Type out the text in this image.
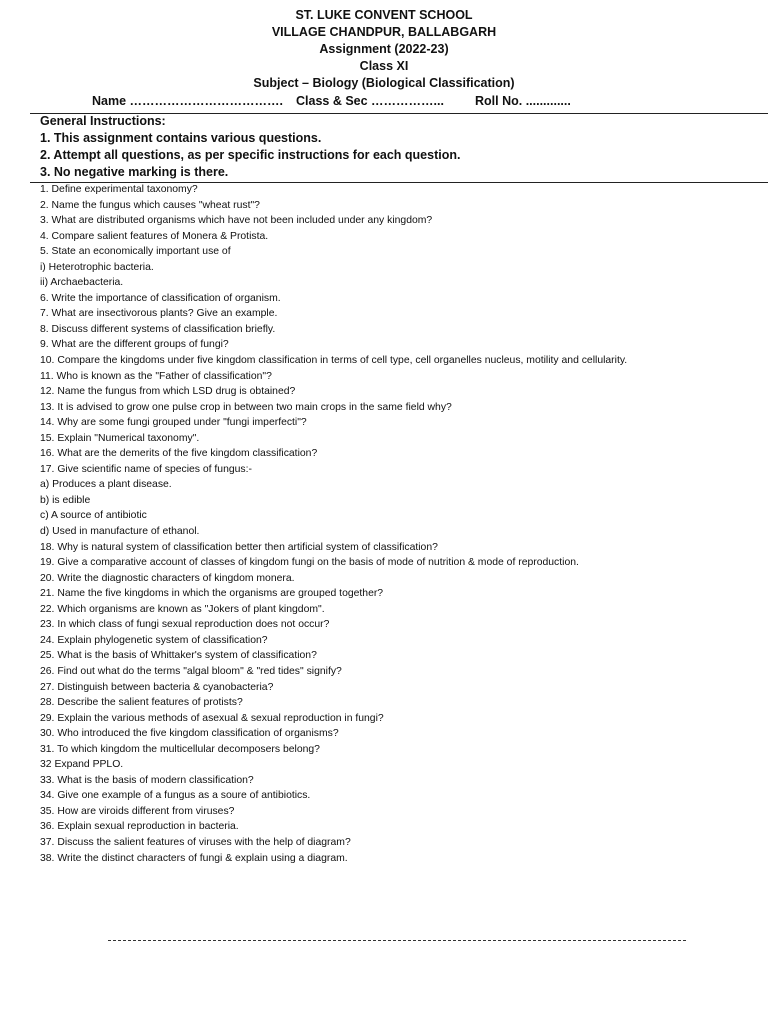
ST. LUKE CONVENT SCHOOL
VILLAGE CHANDPUR, BALLABGARH
Assignment (2022-23)
Class XI
Subject – Biology (Biological Classification)
Name ………………………………. Class & Sec ……………... Roll No. .............
General Instructions:
1. This assignment contains various questions.
2. Attempt all questions, as per specific instructions for each question.
3. No negative marking is there.
1. Define experimental taxonomy?
2. Name the fungus which causes "wheat rust"?
3. What are distributed organisms which have not been included under any kingdom?
4. Compare salient features of Monera & Protista.
5. State an economically important use of
i) Heterotrophic bacteria.
ii) Archaebacteria.
6. Write the importance of classification of organism.
7. What are insectivorous plants? Give an example.
8. Discuss different systems of classification briefly.
9. What are the different groups of fungi?
10. Compare the kingdoms under five kingdom classification in terms of cell type, cell organelles nucleus, motility and cellularity.
11. Who is known as the "Father of classification"?
12. Name the fungus from which LSD drug is obtained?
13. It is advised to grow one pulse crop in between two main crops in the same field why?
14. Why are some fungi grouped under "fungi imperfecti"?
15. Explain "Numerical taxonomy".
16. What are the demerits of the five kingdom classification?
17. Give scientific name of species of fungus:-
a) Produces a plant disease.
b) is edible
c) A source of antibiotic
d) Used in manufacture of ethanol.
18. Why is natural system of classification better then artificial system of classification?
19. Give a comparative account of classes of kingdom fungi on the basis of mode of nutrition & mode of reproduction.
20. Write the diagnostic characters of kingdom monera.
21. Name the five kingdoms in which the organisms are grouped together?
22. Which organisms are known as "Jokers of plant kingdom".
23. In which class of fungi sexual reproduction does not occur?
24. Explain phylogenetic system of classification?
25. What is the basis of Whittaker's system of classification?
26. Find out what do the terms "algal bloom" & "red tides" signify?
27. Distinguish between bacteria & cyanobacteria?
28. Describe the salient features of protists?
29. Explain the various methods of asexual & sexual reproduction in fungi?
30. Who introduced the five kingdom classification of organisms?
31. To which kingdom the multicellular decomposers belong?
32 Expand PPLO.
33. What is the basis of modern classification?
34. Give one example of a fungus as a soure of antibiotics.
35. How are viroids different from viruses?
36. Explain sexual reproduction in bacteria.
37. Discuss the salient features of viruses with the help of diagram?
38. Write the distinct characters of fungi & explain using a diagram.
